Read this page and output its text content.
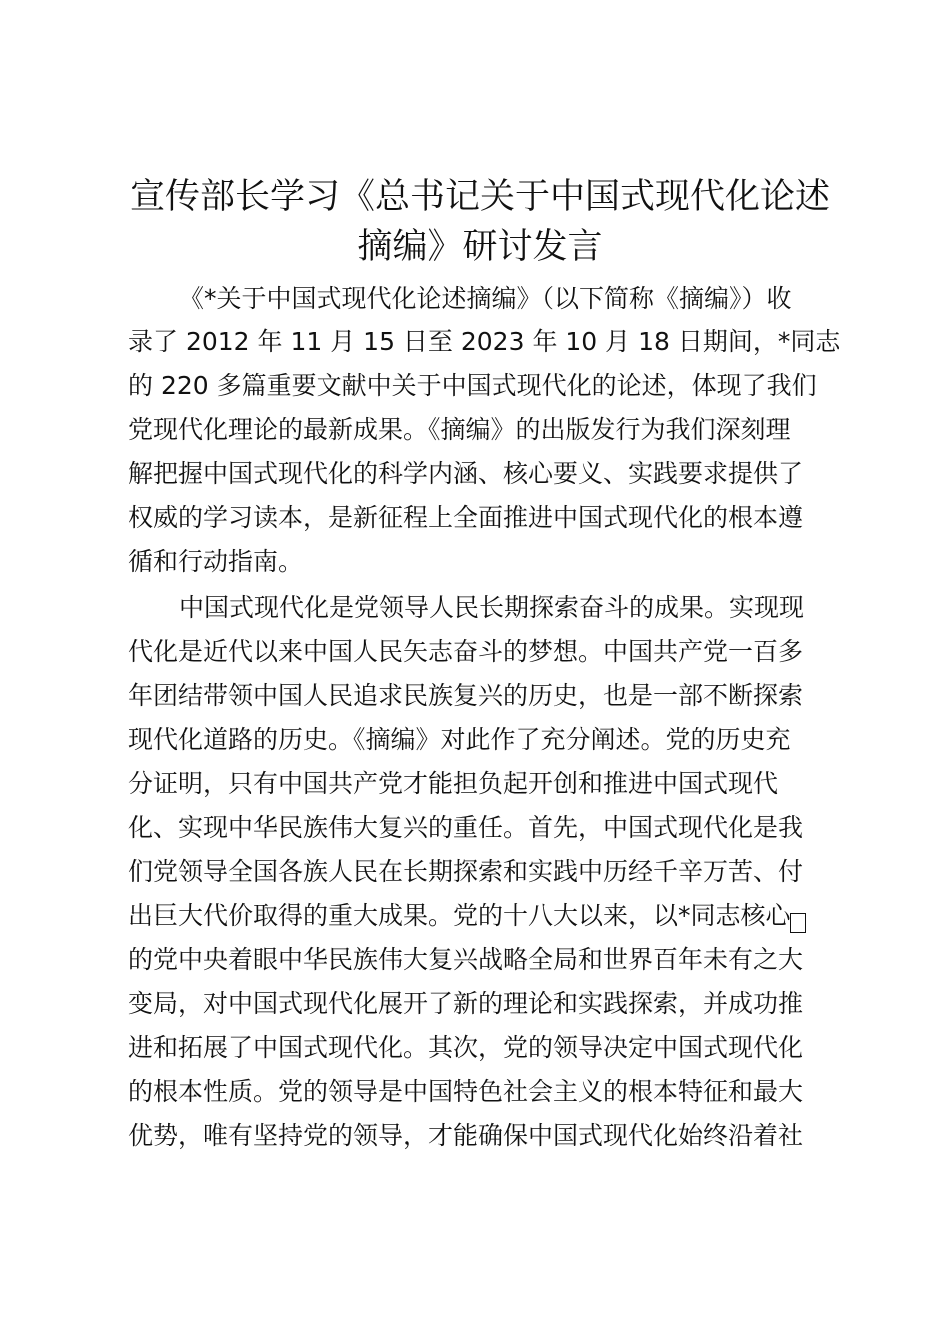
宣传部长学习《总书记关于中国式现代化论述
摘编》研讨发言

《*关于中国式现代化论述摘编》（以下简称《摘编》）收

录了 2012 年 11 月 15 日至 2023 年 10 月 18 日期间，*同志

的 220 多篇重要文献中关于中国式现代化的论述，体现了我们

党现代化理论的最新成果。《摘编》的出版发行为我们深刻理

解把握中国式现代化的科学内涵、核心要义、实践要求提供了

权威的学习读本，是新征程上全面推进中国式现代化的根本遵

循和行动指南。

中国式现代化是党领导人民长期探索奋斗的成果。实现现

代化是近代以来中国人民矢志奋斗的梦想。中国共产党一百多

年团结带领中国人民追求民族复兴的历史，也是一部不断探索

现代化道路的历史。《摘编》对此作了充分阐述。党的历史充

分证明，只有中国共产党才能担负起开创和推进中国式现代

化、实现中华民族伟大复兴的重任。首先，中国式现代化是我

们党领导全国各族人民在长期探索和实践中历经千辛万苦、付

出巨大代价取得的重大成果。党的十八大以来，以*同志核心

的党中央着眼中华民族伟大复兴战略全局和世界百年未有之大

变局，对中国式现代化展开了新的理论和实践探索，并成功推

进和拓展了中国式现代化。其次，党的领导决定中国式现代化

的根本性质。党的领导是中国特色社会主义的根本特征和最大

优势，唯有坚持党的领导，才能确保中国式现代化始终沿着社
